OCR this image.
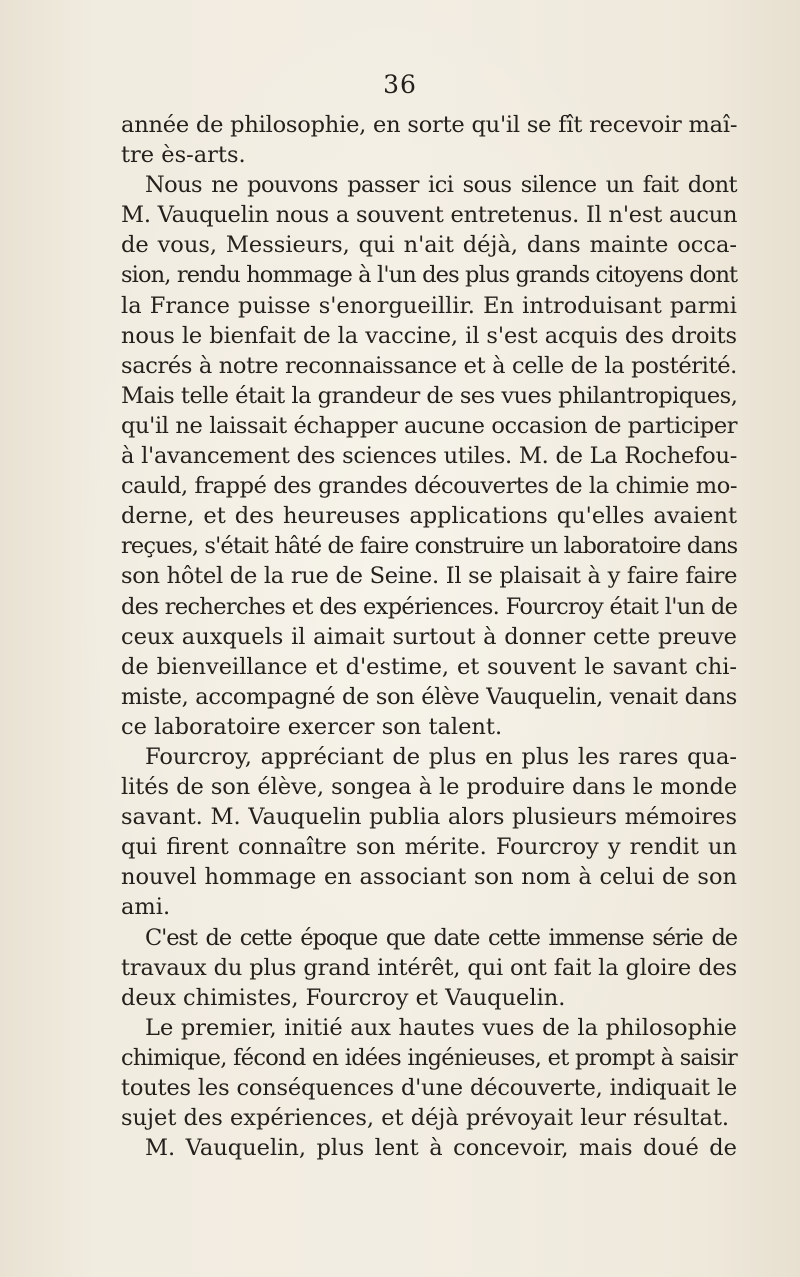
36
année de philosophie, en sorte qu'il se fît recevoir maî-
tre ès-arts.
Nous ne pouvons passer ici sous silence un fait dont
M. Vauquelin nous a souvent entretenus. Il n'est aucun
de vous, Messieurs, qui n'ait déjà, dans mainte occa-
sion, rendu hommage à l'un des plus grands citoyens dont
la France puisse s'enorgueillir. En introduisant parmi
nous le bienfait de la vaccine, il s'est acquis des droits
sacrés à notre reconnaissance et à celle de la postérité.
Mais telle était la grandeur de ses vues philantropiques,
qu'il ne laissait échapper aucune occasion de participer
à l'avancement des sciences utiles. M. de La Rochefou-
cauld, frappé des grandes découvertes de la chimie mo-
derne, et des heureuses applications qu'elles avaient
reçues, s'était hâté de faire construire un laboratoire dans
son hôtel de la rue de Seine. Il se plaisait à y faire faire
des recherches et des expériences. Fourcroy était l'un de
ceux auxquels il aimait surtout à donner cette preuve
de bienveillance et d'estime, et souvent le savant chi-
miste, accompagné de son élève Vauquelin, venait dans
ce laboratoire exercer son talent.
Fourcroy, appréciant de plus en plus les rares qua-
lités de son élève, songea à le produire dans le monde
savant. M. Vauquelin publia alors plusieurs mémoires
qui firent connaître son mérite. Fourcroy y rendit un
nouvel hommage en associant son nom à celui de son
ami.
C'est de cette époque que date cette immense série de
travaux du plus grand intérêt, qui ont fait la gloire des
deux chimistes, Fourcroy et Vauquelin.
Le premier, initié aux hautes vues de la philosophie
chimique, fécond en idées ingénieuses, et prompt à saisir
toutes les conséquences d'une découverte, indiquait le
sujet des expériences, et déjà prévoyait leur résultat.
M. Vauquelin, plus lent à concevoir, mais doué de
